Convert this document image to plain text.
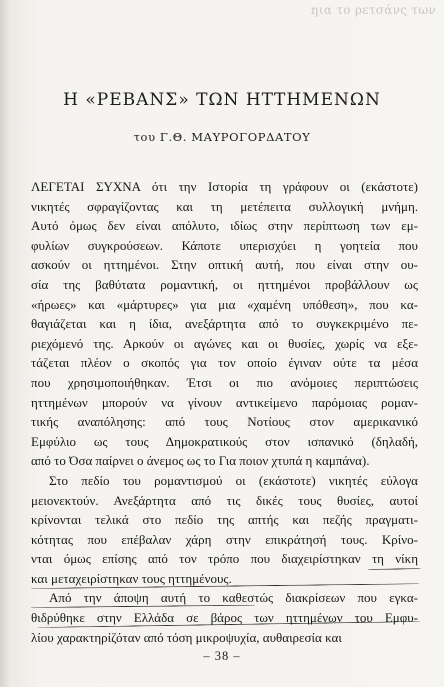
ƞια το ρετσάνς των
Η «ΡΕΒΑΝΣ» ΤΩΝ ΗΤΤΗΜΕΝΩΝ
του Γ.Θ. ΜΑΥΡΟΓΟΡΔΑΤΟΥ
ΛΕΓΕΤΑΙ ΣΥΧΝΑ ότι την Ιστορία τη γράφουν οι (εκάστοτε)
νικητές σφραγίζοντας και τη μετέπειτα συλλογική μνήμη.
Αυτό όμως δεν είναι απόλυτο, ιδίως στην περίπτωση των εμ-
φυλίων συγκρούσεων. Κάποτε υπερισχύει η γοητεία που
ασκούν οι ηττημένοι. Στην οπτική αυτή, που είναι στην ου-
σία της βαθύτατα ρομαντική, οι ηττημένοι προβάλλουν ως
«ήρωες» και «μάρτυρες» για μια «χαμένη υπόθεση», που κα-
θαγιάζεται και η ίδια, ανεξάρτητα από το συγκεκριμένο πε-
ριεχόμενό της. Αρκούν οι αγώνες και οι θυσίες, χωρίς να εξε-
τάζεται πλέον ο σκοπός για τον οποίο έγιναν ούτε τα μέσα
που χρησιμοποιήθηκαν. Έτσι οι πιο ανόμοιες περιπτώσεις
ηττημένων μπορούν να γίνουν αντικείμενο παρόμοιας ρομαν-
τικής αναπόλησης: από τους Νοτίους στον αμερικανικό
Εμφύλιο ως τους Δημοκρατικούς στον ισπανικό (δηλαδή,
από το Όσα παίρνει ο άνεμος ως το Για ποιον χτυπά η καμπάνα).
Στο πεδίο του ρομαντισμού οι (εκάστοτε) νικητές εύλογα
μειονεκτούν. Ανεξάρτητα από τις δικές τους θυσίες, αυτοί
κρίνονται τελικά στο πεδίο της απτής και πεζής πραγματι-
κότητας που επέβαλαν χάρη στην επικράτησή τους. Κρίνο-
νται όμως επίσης από τον τρόπο που διαχειρίστηκαν τη νίκη
και μεταχειρίστηκαν τους ηττημένους.
Από την άποψη αυτή το καθεστώς διακρίσεων που εγκα-
θιδρύθηκε στην Ελλάδα σε βάρος των ηττημένων του Εμφυ-
λίου χαρακτηρίζόταν από τόση μικροψυχία, αυθαιρεσία και
– 38 –
